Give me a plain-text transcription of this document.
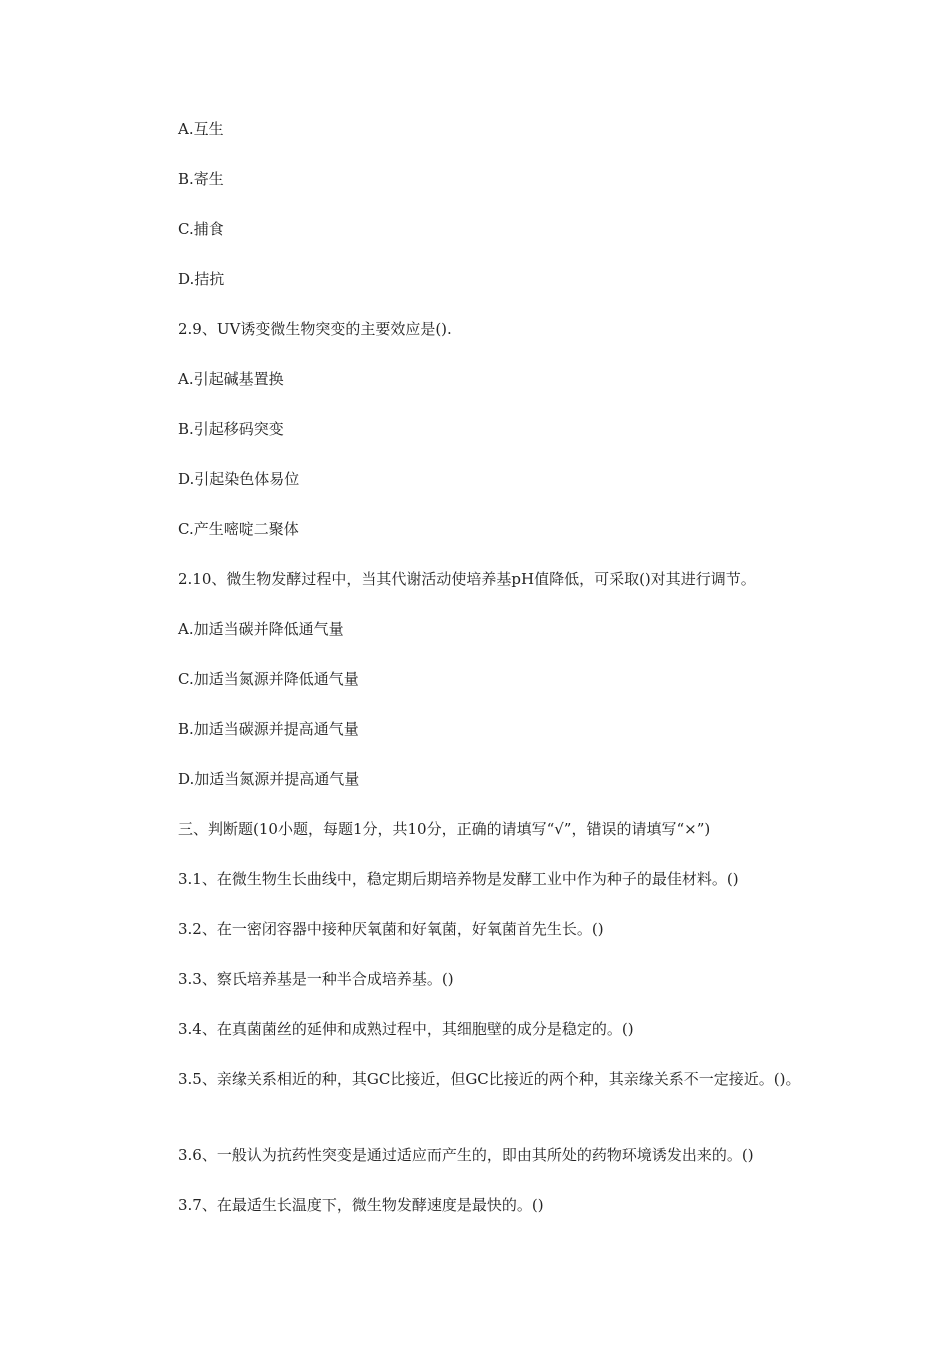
A.互生
B.寄生
C.捕食
D.拮抗
2.9、UV诱变微生物突变的主要效应是().
A.引起碱基置换
B.引起移码突变
D.引起染色体易位
C.产生嘧啶二聚体
2.10、微生物发酵过程中，当其代谢活动使培养基pH值降低，可采取()对其进行调节。
A.加适当碳并降低通气量
C.加适当氮源并降低通气量
B.加适当碳源并提高通气量
D.加适当氮源并提高通气量
三、判断题(10小题，每题1分，共10分，正确的请填写“√”，错误的请填写“×”)
3.1、在微生物生长曲线中，稳定期后期培养物是发酵工业中作为种子的最佳材料。()
3.2、在一密闭容器中接种厌氧菌和好氧菌，好氧菌首先生长。()
3.3、察氏培养基是一种半合成培养基。()
3.4、在真菌菌丝的延伸和成熟过程中，其细胞壁的成分是稳定的。()
3.5、亲缘关系相近的种，其GC比接近，但GC比接近的两个种，其亲缘关系不一定接近。()。
3.6、一般认为抗药性突变是通过适应而产生的，即由其所处的药物环境诱发出来的。()
3.7、在最适生长温度下，微生物发酵速度是最快的。()
